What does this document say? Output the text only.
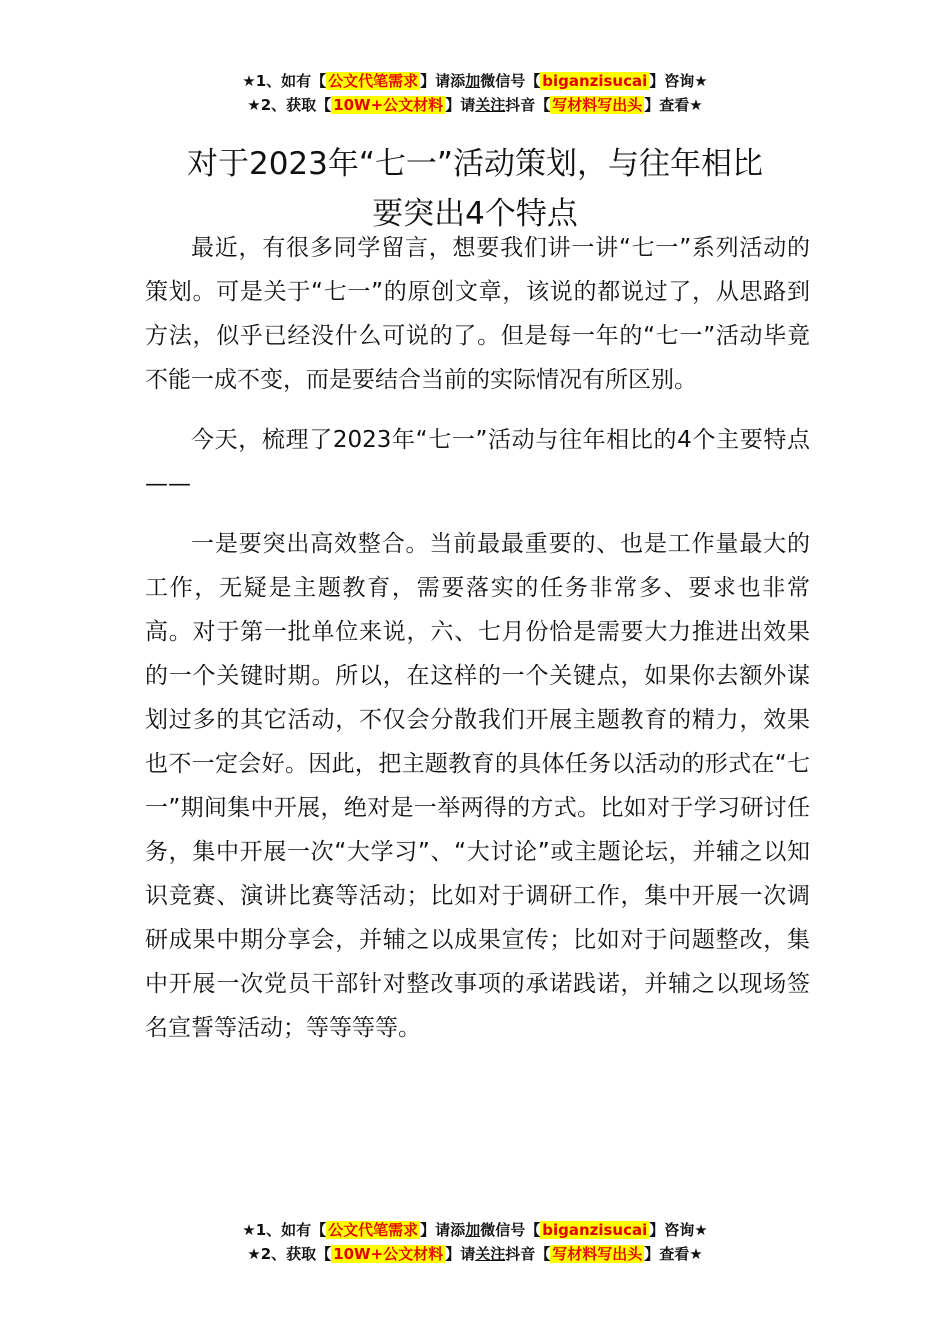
★1、如有【 公文代笔需求 】请添加微信号【 biganzisucai 】咨询★
★2、获取【 10W+公文材料 】请关注抖音【 写材料写出头 】查看★
对于2023年“七一”活动策划，与往年相比
要突出4个特点

最近，有很多同学留言，想要我们讲一讲“七一”系列活动的策划。可是关于“七一”的原创文章，该说的都说过了，从思路到方法，似乎已经没什么可说的了。但是每一年的“七一”活动毕竟不能一成不变，而是要结合当前的实际情况有所区别。

今天，梳理了2023年“七一”活动与往年相比的4个主要特点——

一是要突出高效整合。当前最最重要的、也是工作量最大的工作，无疑是主题教育，需要落实的任务非常多、要求也非常高。对于第一批单位来说，六、七月份恰是需要大力推进出效果的一个关键时期。所以，在这样的一个关键点，如果你去额外谋划过多的其它活动，不仅会分散我们开展主题教育的精力，效果也不一定会好。因此，把主题教育的具体任务以活动的形式在“七一”期间集中开展，绝对是一举两得的方式。比如对于学习研讨任务，集中开展一次“大学习”、“大讨论”或主题论坛，并辅之以知识竞赛、演讲比赛等活动；比如对于调研工作，集中开展一次调研成果中期分享会，并辅之以成果宣传；比如对于问题整改，集中开展一次党员干部针对整改事项的承诺践诺，并辅之以现场签名宣誓等活动；等等等等。

★1、如有【 公文代笔需求 】请添加微信号【 biganzisucai 】咨询★
★2、获取【 10W+公文材料 】请关注抖音【 写材料写出头 】查看★
